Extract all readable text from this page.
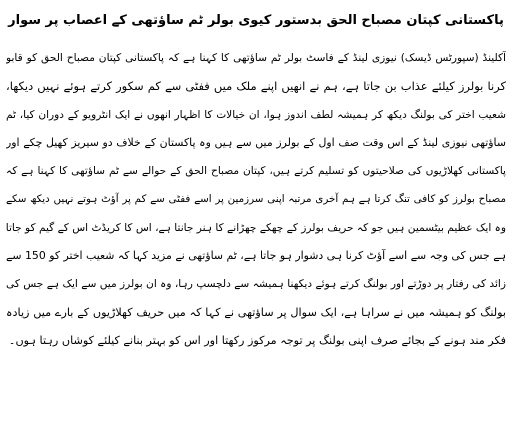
پاکستانی کپتان مصباح الحق بدستور کیوی بولر ٹم ساؤتھی کے اعصاب پر سوار
آکلینڈ (سپورٹس ڈیسک) نیوزی لینڈ کے فاسٹ بولر ٹم ساؤتھی کا کہنا ہے کہ پاکستانی کپتان مصباح الحق کو قابو
کرنا بولرز کیلئے عذاب بن جاتا ہے، ہم نے انھیں اپنے ملک میں ففٹی سے کم سکور کرتے ہوئے نہیں دیکھا،
شعیب اختر کی بولنگ دیکھ کر ہمیشہ لطف اندوز ہوا، ان خیالات کا اظہار انھوں نے ایک انٹرویو کے دوران کیا، ٹم
ساؤتھی نیوزی لینڈ کے اس وقت صف اول کے بولرز میں سے ہیں وہ پاکستان کے خلاف دو سیریز کھیل چکے اور
پاکستانی کھلاڑیوں کی صلاحیتوں کو تسلیم کرتے ہیں، کپتان مصباح الحق کے حوالے سے ٹم ساؤتھی کا کہنا ہے کہ
مصباح بولرز کو کافی تنگ کرتا ہے ہم آخری مرتبہ اپنی سرزمین پر اسے ففٹی سے کم پر آؤٹ ہوتے نہیں دیکھ سکے
وہ ایک عظیم بیٹسمین ہیں جو کہ حریف بولرز کے چھکے چھڑانے کا ہنر جانتا ہے، اس کا کریڈٹ اس کے گیم کو جاتا
ہے جس کی وجہ سے اسے آؤٹ کرنا ہی دشوار ہو جاتا ہے، ٹم ساؤتھی نے مزید کہا کہ شعیب اختر کو 150 سے
زائد کی رفتار پر دوڑتے اور بولنگ کرتے ہوئے دیکھنا ہمیشہ سے دلچسپ رہا، وہ ان بولرز میں سے ایک ہے جس کی
بولنگ کو ہمیشہ میں نے سراہا ہے، ایک سوال پر ساؤتھی نے کہا کہ میں حریف کھلاڑیوں کے بارے میں زیادہ
فکر مند ہونے کے بجائے صرف اپنی بولنگ پر توجہ مرکوز رکھتا اور اس کو بہتر بنانے کیلئے کوشاں رہتا ہوں۔
